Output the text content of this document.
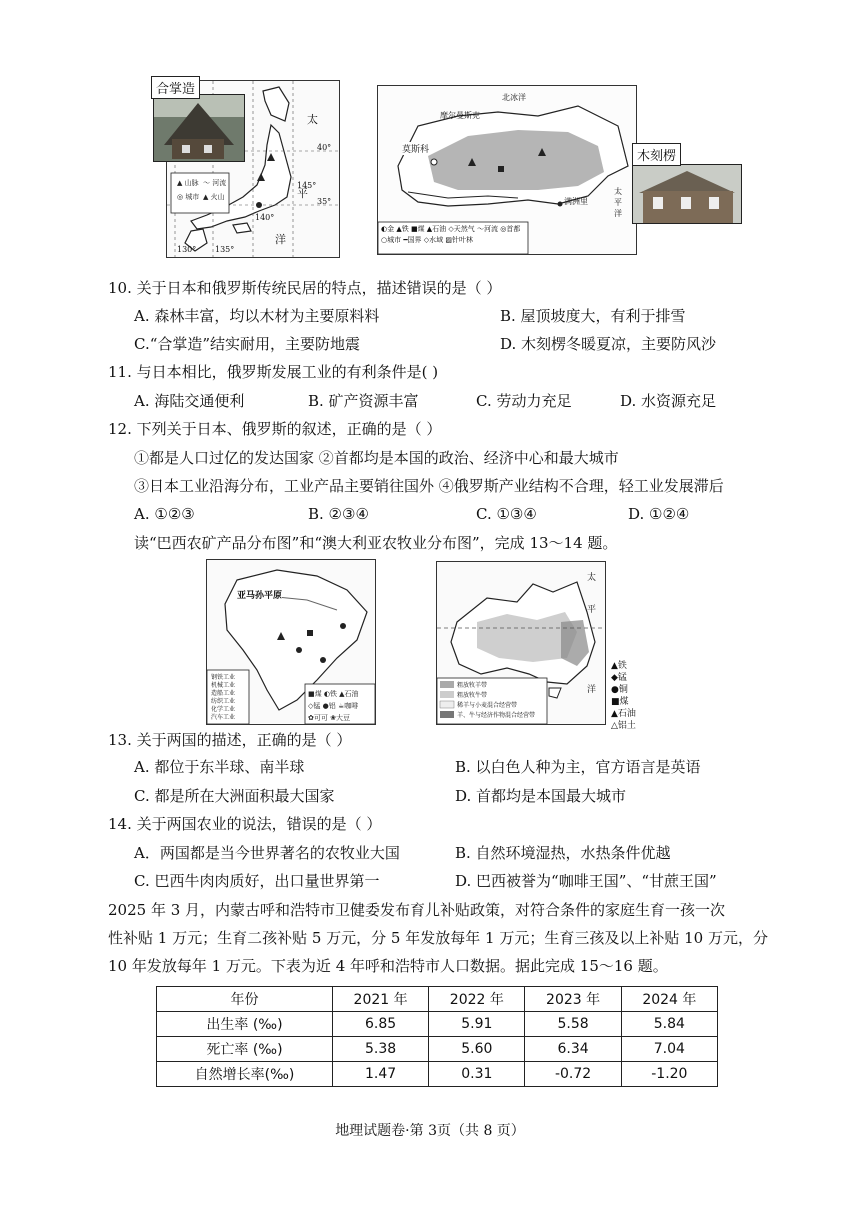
▲ 山脉 ～ 河流
◎ 城市 ▲ 火山
太
平
洋
40°
35°
145°
140°
135°
130°
合掌造
摩尔曼斯克
莫斯科
满洲里
北冰洋
太平洋
◐金 ▲铁 ■煤 ▲石油 ◇天然气 ～河流 ◎首都 ○城市 ━国界 ◇水域 ▨针叶林
木刻楞
10. 关于日本和俄罗斯传统民居的特点，描述错误的是（ ）
A. 森林丰富，均以木材为主要原料料	B. 屋顶坡度大，有利于排雪
C.“合掌造”结实耐用，主要防地震	D. 木刻楞冬暖夏凉，主要防风沙
11. 与日本相比，俄罗斯发展工业的有利条件是( )
A. 海陆交通便利	B. 矿产资源丰富	C. 劳动力充足	D. 水资源充足
12. 下列关于日本、俄罗斯的叙述，正确的是（ ）
①都是人口过亿的发达国家 ②首都均是本国的政治、经济中心和最大城市
③日本工业沿海分布，工业产品主要销往国外 ④俄罗斯产业结构不合理，轻工业发展滞后
A. ①②③	B. ②③④	C. ①③④	D. ①②④
读“巴西农矿产品分布图”和“澳大利亚农牧业分布图”，完成 13～14 题。
■煤 ◐铁 ▲石油
◇锰 ●铝 ☕咖啡
✿可可 ❀大豆
亚马孙平原
钢铁工业
机械工业
造船工业
纺织工业
化学工业
汽车工业
粗放牧羊带
粗放牧牛带
稀羊与小麦混合经营带
羊、牛与经济作物混合经营带
太
平
洋
▲铁
◆锰
●铜
■煤
▲石油
△铝土
13. 关于两国的描述，正确的是（ ）
A. 都位于东半球、南半球	B. 以白色人种为主，官方语言是英语
C. 都是所在大洲面积最大国家	D. 首都均是本国最大城市
14. 关于两国农业的说法，错误的是（ ）
A．两国都是当今世界著名的农牧业大国	B. 自然环境湿热，水热条件优越
C. 巴西牛肉肉质好，出口量世界第一	D. 巴西被誉为“咖啡王国”、“甘蔗王国”
2025 年 3 月，内蒙古呼和浩特市卫健委发布育儿补贴政策，对符合条件的家庭生育一孩一次
性补贴 1 万元；生育二孩补贴 5 万元，分 5 年发放每年 1 万元；生育三孩及以上补贴 10 万元，分
10 年发放每年 1 万元。下表为近 4 年呼和浩特市人口数据。据此完成 15～16 题。
年份	2021 年	2022 年	2023 年	2024 年
出生率 (‰)	6.85	5.91	5.58	5.84
死亡率 (‰)	5.38	5.60	6.34	7.04
自然增长率(‰)	1.47	0.31	-0.72	-1.20
地理试题卷·第 3页（共 8 页）
